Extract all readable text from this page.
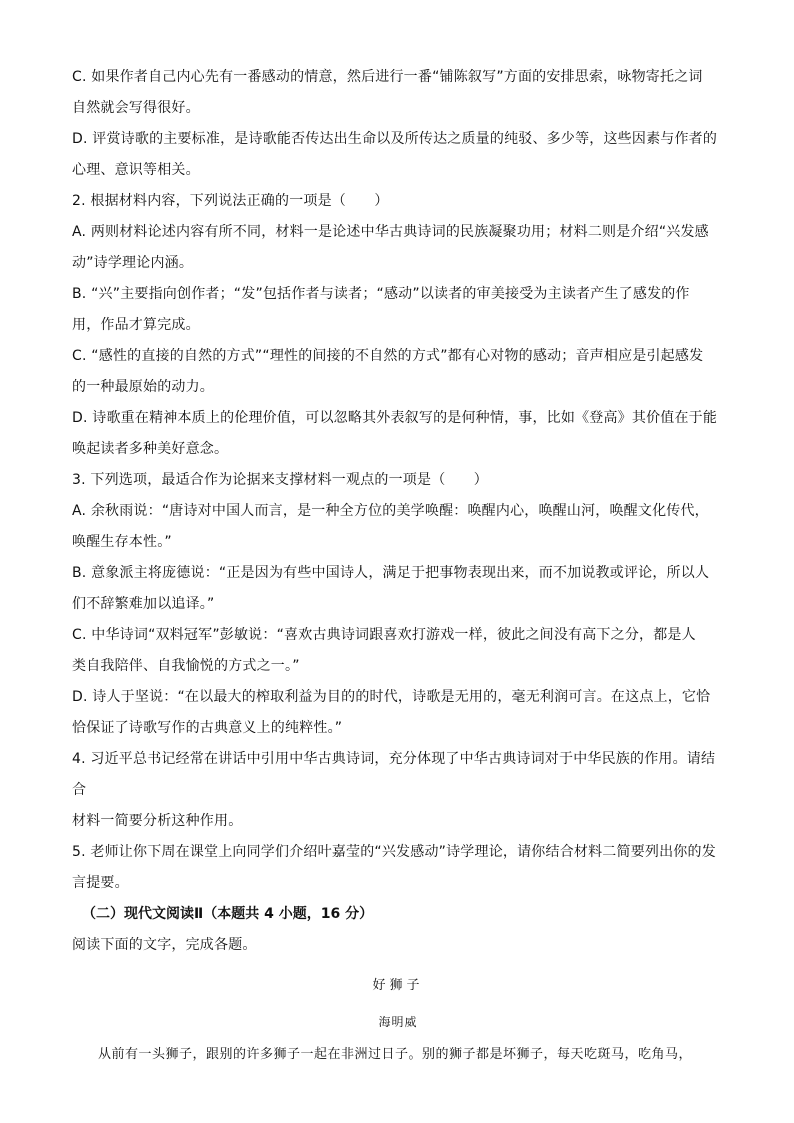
C. 如果作者自己内心先有一番感动的情意，然后进行一番“铺陈叙写”方面的安排思索，咏物寄托之词

自然就会写得很好。

D. 评赏诗歌的主要标准，是诗歌能否传达出生命以及所传达之质量的纯驳、多少等，这些因素与作者的

心理、意识等相关。

2. 根据材料内容，下列说法正确的一项是（　　）

A. 两则材料论述内容有所不同，材料一是论述中华古典诗词的民族凝聚功用；材料二则是介绍“兴发感

动”诗学理论内涵。

B. “兴”主要指向创作者；“发”包括作者与读者；“感动”以读者的审美接受为主读者产生了感发的作

用，作品才算完成。

C. “感性的直接的自然的方式”“理性的间接的不自然的方式”都有心对物的感动；音声相应是引起感发

的一种最原始的动力。

D. 诗歌重在精神本质上的伦理价值，可以忽略其外表叙写的是何种情，事，比如《登高》其价值在于能

唤起读者多种美好意念。

3. 下列选项，最适合作为论据来支撑材料一观点的一项是（　　）

A. 余秋雨说：“唐诗对中国人而言，是一种全方位的美学唤醒：唤醒内心，唤醒山河，唤醒文化传代，

唤醒生存本性。”

B. 意象派主将庞德说：“正是因为有些中国诗人，满足于把事物表现出来，而不加说教或评论，所以人

们不辞繁难加以追译。”

C. 中华诗词“双料冠军”彭敏说：“喜欢古典诗词跟喜欢打游戏一样，彼此之间没有高下之分，都是人

类自我陪伴、自我愉悦的方式之一。”

D. 诗人于坚说：“在以最大的榨取利益为目的的时代，诗歌是无用的，毫无利润可言。在这点上，它恰

恰保证了诗歌写作的古典意义上的纯粹性。”

4. 习近平总书记经常在讲话中引用中华古典诗词，充分体现了中华古典诗词对于中华民族的作用。请结合

材料一简要分析这种作用。

5. 老师让你下周在课堂上向同学们介绍叶嘉莹的“兴发感动”诗学理论，请你结合材料二简要列出你的发

言提要。

（二）现代文阅读Ⅱ（本题共 4 小题，16 分）

阅读下面的文字，完成各题。

好狮子

海明威

从前有一头狮子，跟别的许多狮子一起在非洲过日子。别的狮子都是坏狮子，每天吃斑马，吃角马，
